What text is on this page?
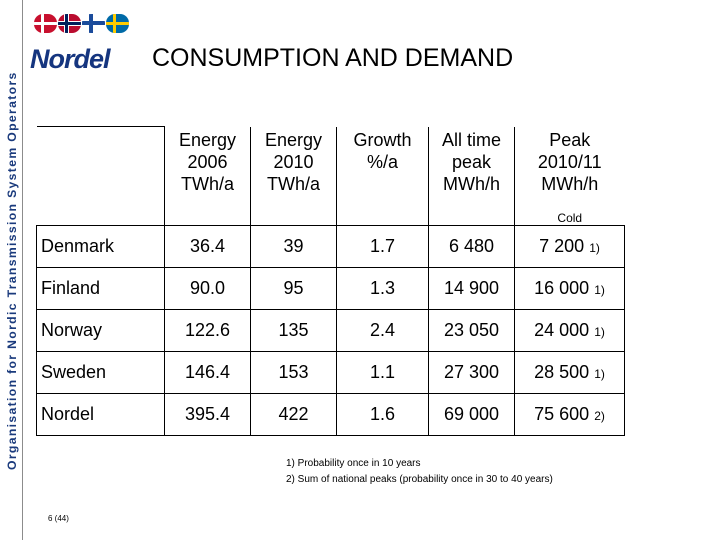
Organisation for Nordic Transmission System Operators
Nordel CONSUMPTION AND DEMAND
	Energy
2006
TWh/a	Energy
2010
TWh/a	Growth
%/a	All time
peak
MWh/h	Peak
2010/11
MWh/h
Cold

Denmark	36.4	39	1.7	6 480	7 200 1)
Finland	90.0	95	1.3	14 900	16 000 1)
Norway	122.6	135	2.4	23 050	24 000 1)
Sweden	146.4	153	1.1	27 300	28 500 1)
Nordel	395.4	422	1.6	69 000	75 600 2)
1) Probability once in 10 years
2) Sum of national peaks (probability once in 30 to 40 years)
6 (44)
